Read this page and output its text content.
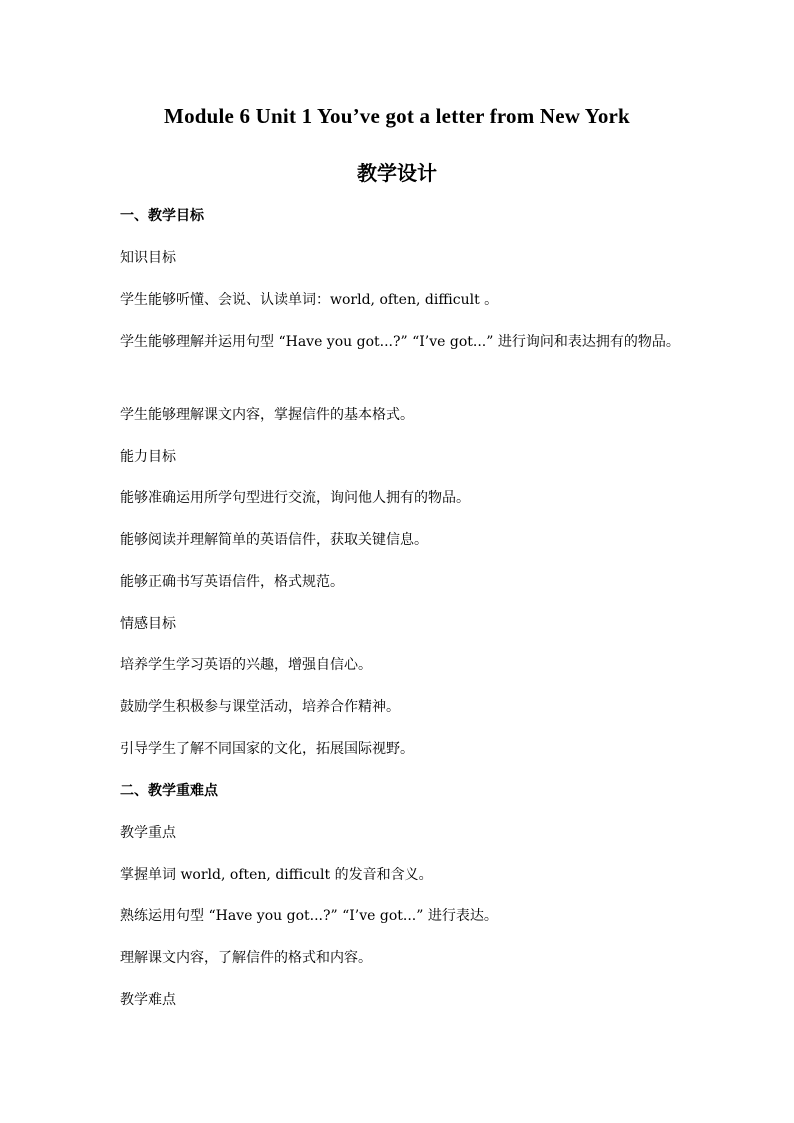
Module 6 Unit 1 You’ve got a letter from New York
教学设计
一、教学目标
知识目标
学生能够听懂、会说、认读单词：world, often, difficult 。
学生能够理解并运用句型 “Have you got...?” “I’ve got...” 进行询问和表达拥有的物品。
学生能够理解课文内容，掌握信件的基本格式。
能力目标
能够准确运用所学句型进行交流，询问他人拥有的物品。
能够阅读并理解简单的英语信件，获取关键信息。
能够正确书写英语信件，格式规范。
情感目标
培养学生学习英语的兴趣，增强自信心。
鼓励学生积极参与课堂活动，培养合作精神。
引导学生了解不同国家的文化，拓展国际视野。
二、教学重难点
教学重点
掌握单词 world, often, difficult 的发音和含义。
熟练运用句型 “Have you got...?” “I’ve got...” 进行表达。
理解课文内容，了解信件的格式和内容。
教学难点
